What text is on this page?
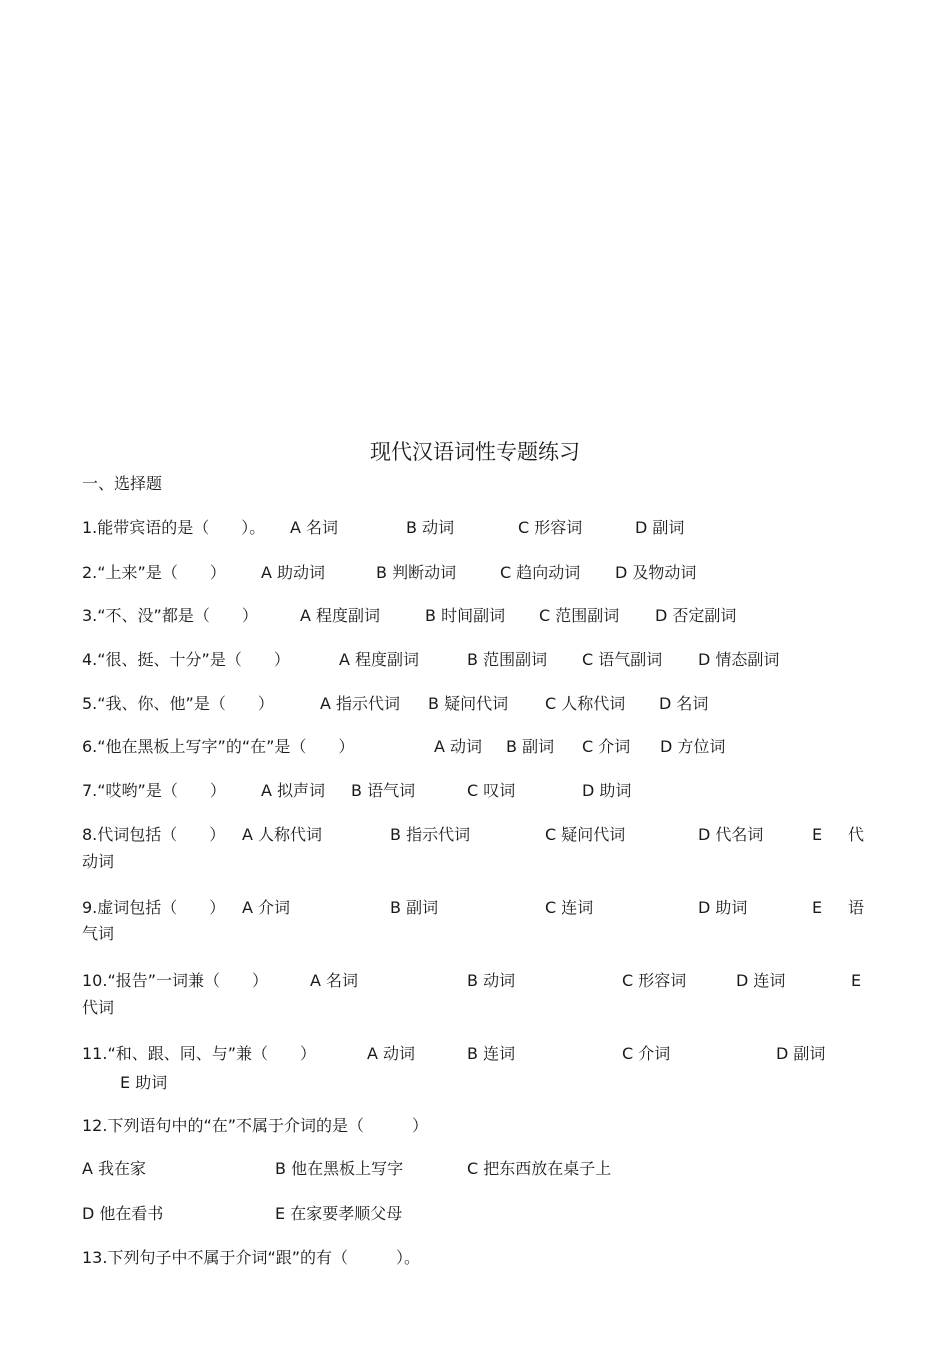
现代汉语词性专题练习
一、选择题
1.能带宾语的是（　　）。 A 名词	B 动词	C 形容词	D 副词
2.“上来”是（　　） A 助动词	B 判断动词	C 趋向动词 D 及物动词
3.“不、没”都是（　　）	A 程度副词	B 时间副词 C 范围副词 D 否定副词
4.“很、挺、十分”是（　　）	A 程度副词	B 范围副词 C 语气副词 D 情态副词
5.“我、你、他”是（　　）	A 指示代词 B 疑问代词 C 人称代词 D 名词
6.“他在黑板上写字”的“在”是（　　）	A 动词 B 副词 C 介词 D 方位词
7.“哎哟”是（　　） A 拟声词 B 语气词	C 叹词	D 助词
8.代词包括（　　） A 人称代词	B 指示代词	C 疑问代词	D 代名词	E 代
动词
9.虚词包括（　　） A 介词	B 副词	C 连词	D 助词	E 语
气词
10.“报告”一词兼（　　）	A 名词	B 动词	C 形容词	D 连词	E
代词
11.“和、跟、同、与”兼（　　）	A 动词	B 连词	C 介词	D 副词
E 助词
12.下列语句中的“在”不属于介词的是（　　　）
A 我在家	B 他在黑板上写字	C 把东西放在桌子上
D 他在看书	E 在家要孝顺父母
13.下列句子中不属于介词“跟”的有（　　　）。
